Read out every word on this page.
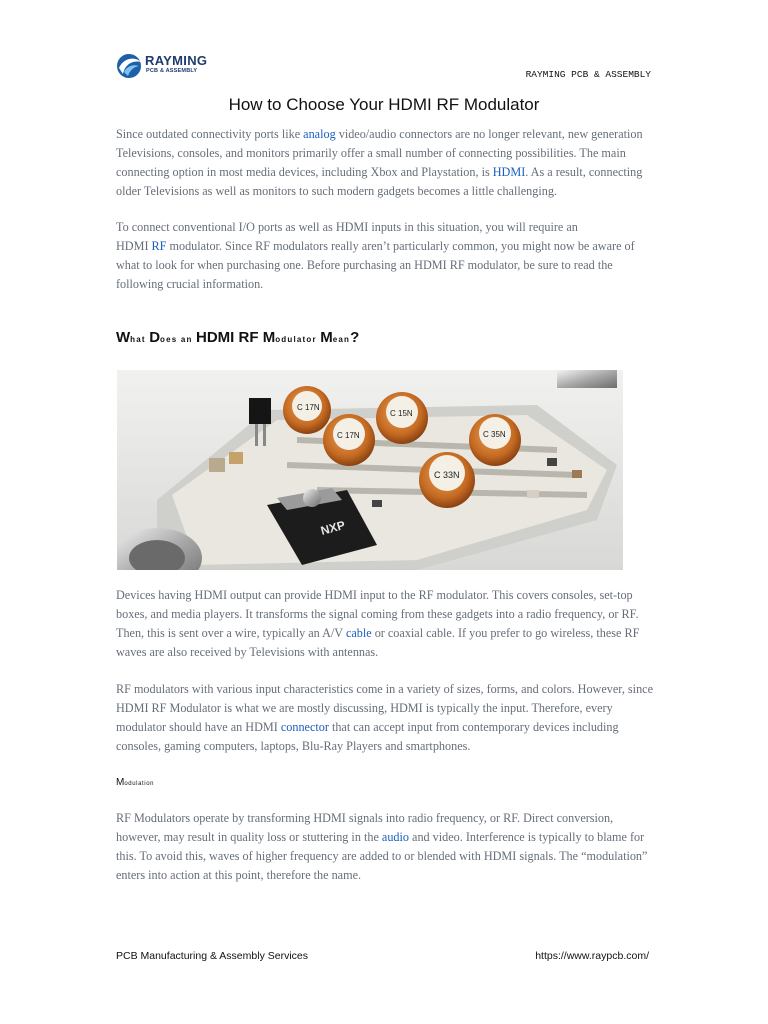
RAYMING
PCB & ASSEMBLY	RAYMING PCB & ASSEMBLY
How to Choose Your HDMI RF Modulator
Since outdated connectivity ports like analog video/audio connectors are no longer relevant, new generation Televisions, consoles, and monitors primarily offer a small number of connecting possibilities. The main connecting option in most media devices, including Xbox and Playstation, is HDMI. As a result, connecting older Televisions as well as monitors to such modern gadgets becomes a little challenging.
To connect conventional I/O ports as well as HDMI inputs in this situation, you will require an
HDMI RF modulator. Since RF modulators really aren’t particularly common, you might now be aware of what to look for when purchasing one. Before purchasing an HDMI RF modulator, be sure to read the following crucial information.
What Does an HDMI RF Modulator Mean?
NXP
C 17N
C 17N
C 15N
C 35N
C 33N
Devices having HDMI output can provide HDMI input to the RF modulator. This covers consoles, set-top boxes, and media players. It transforms the signal coming from these gadgets into a radio frequency, or RF. Then, this is sent over a wire, typically an A/V cable or coaxial cable. If you prefer to go wireless, these RF waves are also received by Televisions with antennas.
RF modulators with various input characteristics come in a variety of sizes, forms, and colors. However, since HDMI RF Modulator is what we are mostly discussing, HDMI is typically the input. Therefore, every modulator should have an HDMI connector that can accept input from contemporary devices including consoles, gaming computers, laptops, Blu-Ray Players and smartphones.
Modulation
RF Modulators operate by transforming HDMI signals into radio frequency, or RF. Direct conversion, however, may result in quality loss or stuttering in the audio and video. Interference is typically to blame for this. To avoid this, waves of higher frequency are added to or blended with HDMI signals. The “modulation” enters into action at this point, therefore the name.
PCB Manufacturing & Assembly Services	https://www.raypcb.com/
